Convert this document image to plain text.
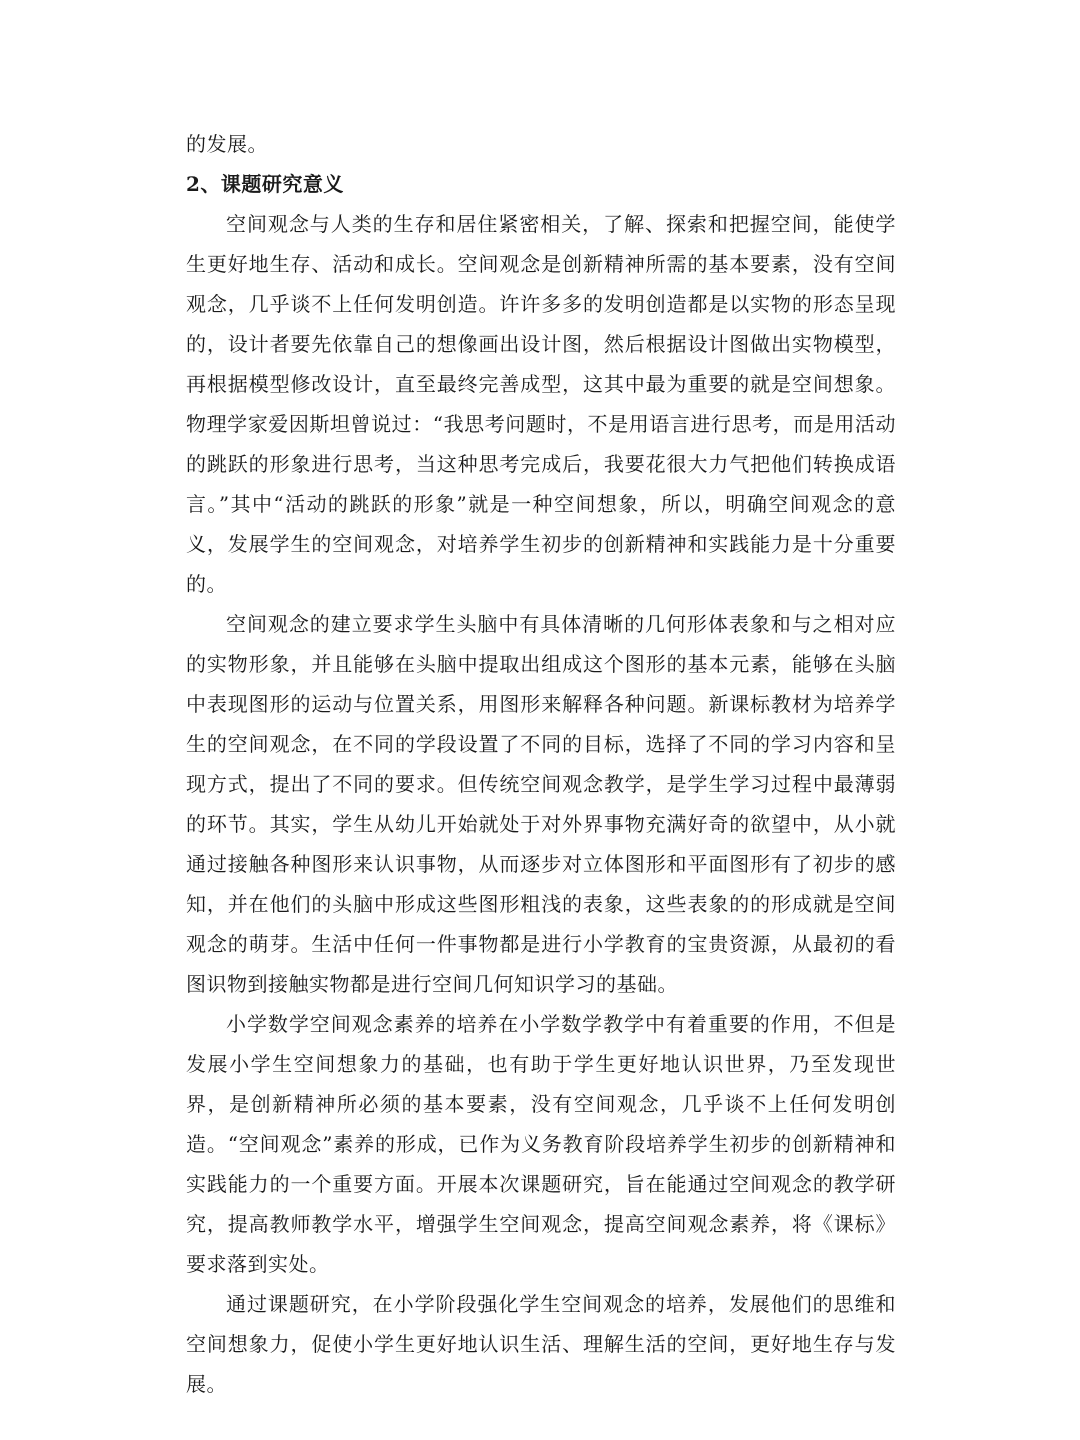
的发展。

2、课题研究意义

空间观念与人类的生存和居住紧密相关，了解、探索和把握空间，能使学生更好地生存、活动和成长。空间观念是创新精神所需的基本要素，没有空间观念，几乎谈不上任何发明创造。许许多多的发明创造都是以实物的形态呈现的，设计者要先依靠自己的想像画出设计图，然后根据设计图做出实物模型，再根据模型修改设计，直至最终完善成型，这其中最为重要的就是空间想象。物理学家爱因斯坦曾说过：“我思考问题时，不是用语言进行思考，而是用活动的跳跃的形象进行思考，当这种思考完成后，我要花很大力气把他们转换成语言。”其中“活动的跳跃的形象”就是一种空间想象，所以，明确空间观念的意义，发展学生的空间观念，对培养学生初步的创新精神和实践能力是十分重要的。

空间观念的建立要求学生头脑中有具体清晰的几何形体表象和与之相对应的实物形象，并且能够在头脑中提取出组成这个图形的基本元素，能够在头脑中表现图形的运动与位置关系，用图形来解释各种问题。新课标教材为培养学生的空间观念，在不同的学段设置了不同的目标，选择了不同的学习内容和呈现方式，提出了不同的要求。但传统空间观念教学，是学生学习过程中最薄弱的环节。其实，学生从幼儿开始就处于对外界事物充满好奇的欲望中，从小就通过接触各种图形来认识事物，从而逐步对立体图形和平面图形有了初步的感知，并在他们的头脑中形成这些图形粗浅的表象，这些表象的的形成就是空间观念的萌芽。生活中任何一件事物都是进行小学教育的宝贵资源，从最初的看图识物到接触实物都是进行空间几何知识学习的基础。

小学数学空间观念素养的培养在小学数学教学中有着重要的作用，不但是发展小学生空间想象力的基础，也有助于学生更好地认识世界，乃至发现世界，是创新精神所必须的基本要素，没有空间观念，几乎谈不上任何发明创造。“空间观念”素养的形成，已作为义务教育阶段培养学生初步的创新精神和实践能力的一个重要方面。开展本次课题研究，旨在能通过空间观念的教学研究，提高教师教学水平，增强学生空间观念，提高空间观念素养，将《课标》要求落到实处。

通过课题研究，在小学阶段强化学生空间观念的培养，发展他们的思维和空间想象力，促使小学生更好地认识生活、理解生活的空间，更好地生存与发展。
